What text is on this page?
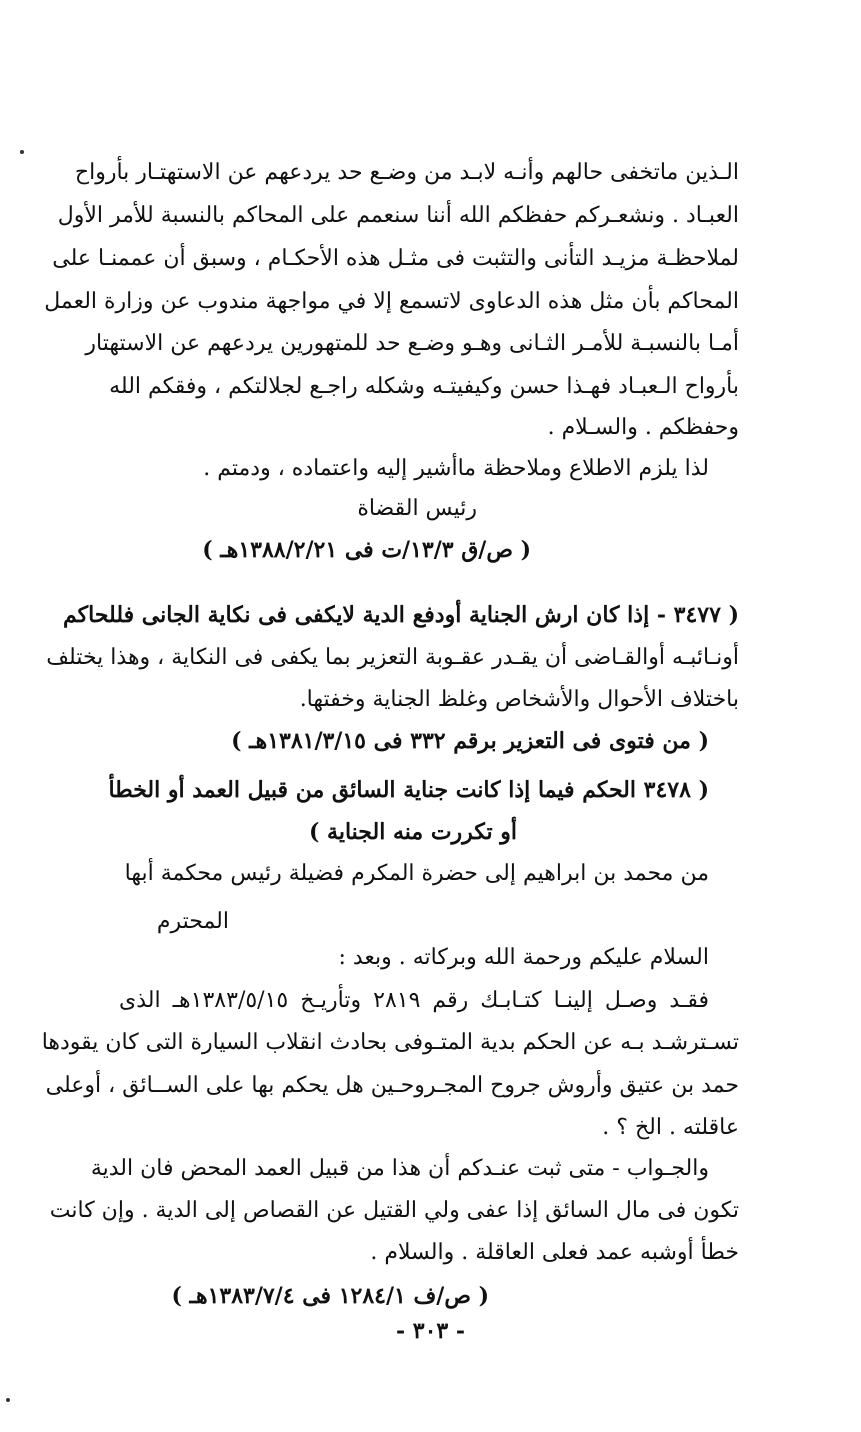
الـذين ماتخفى حالهم وأنـه لابـد من وضـع حد يردعهم عن الاستهتـار بأرواح
العبـاد . ونشعـركم حفظكم الله أننا سنعمم على المحاكم بالنسبة للأمر الأول
لملاحظـة مزيـد التأنى والتثبت فى مثـل هذه الأحكـام ، وسبق أن عممنـا على
المحاكم بأن مثل هذه الدعاوى لاتسمع إلا في مواجهة مندوب عن وزارة العمل
أمـا بالنسبـة للأمـر الثـانى وهـو وضـع حد للمتهورين يردعهم عن الاستهتار
بأرواح الـعبـاد فهـذا حسن وكيفيتـه وشكله راجـع لجلالتكم ، وفقكم الله
وحفظكم . والسـلام .
لذا يلزم الاطلاع وملاحظة ماأشير إليه واعتماده ، ودمتم .
رئيس القضاة
( ص/ق ١٣/٣/ت فى ١٣٨٨/٢/٢١هـ )
( ٣٤٧٧ - إذا كان ارش الجناية أودفع الدية لايكفى فى نكاية الجانى فللحاكم
أونـائبـه أوالقـاضى أن يقـدر عقـوبة التعزير بما يكفى فى النكاية ، وهذا يختلف
باختلاف الأحوال والأشخاص وغلظ الجناية وخفتها.
( من فتوى فى التعزير برقم ٣٣٢ فى ١٣٨١/٣/١٥هـ )
( ٣٤٧٨ الحكم فيما إذا كانت جناية السائق من قبيل العمد أو الخطأ
أو تكررت منه الجناية )
من محمد بن ابراهيم إلى حضرة المكرم فضيلة رئيس محكمة أبها
المحترم
السلام عليكم ورحمة الله وبركاته . وبعد :
فقـد وصـل إلينـا كتـابـك رقم ٢٨١٩ وتأريـخ ١٣٨٣/٥/١٥هـ الذى
تسـترشـد بـه عن الحكم بدية المتـوفى بحادث انقلاب السيارة التى كان يقودها
حمد بن عتيق وأروش جروح المجـروحـين هل يحكم بها على الســائق ، أوعلى
عاقلته . الخ ؟ .
والجـواب - متى ثبت عنـدكم أن هذا من قبيل العمد المحض فان الدية
تكون فى مال السائق إذا عفى ولي القتيل عن القصاص إلى الدية . وإن كانت
خطأ أوشبه عمد فعلى العاقلة . والسلام .
( ص/ف ١٢٨٤/١ فى ١٣٨٣/٧/٤هـ )
- ٣٠٣ -
